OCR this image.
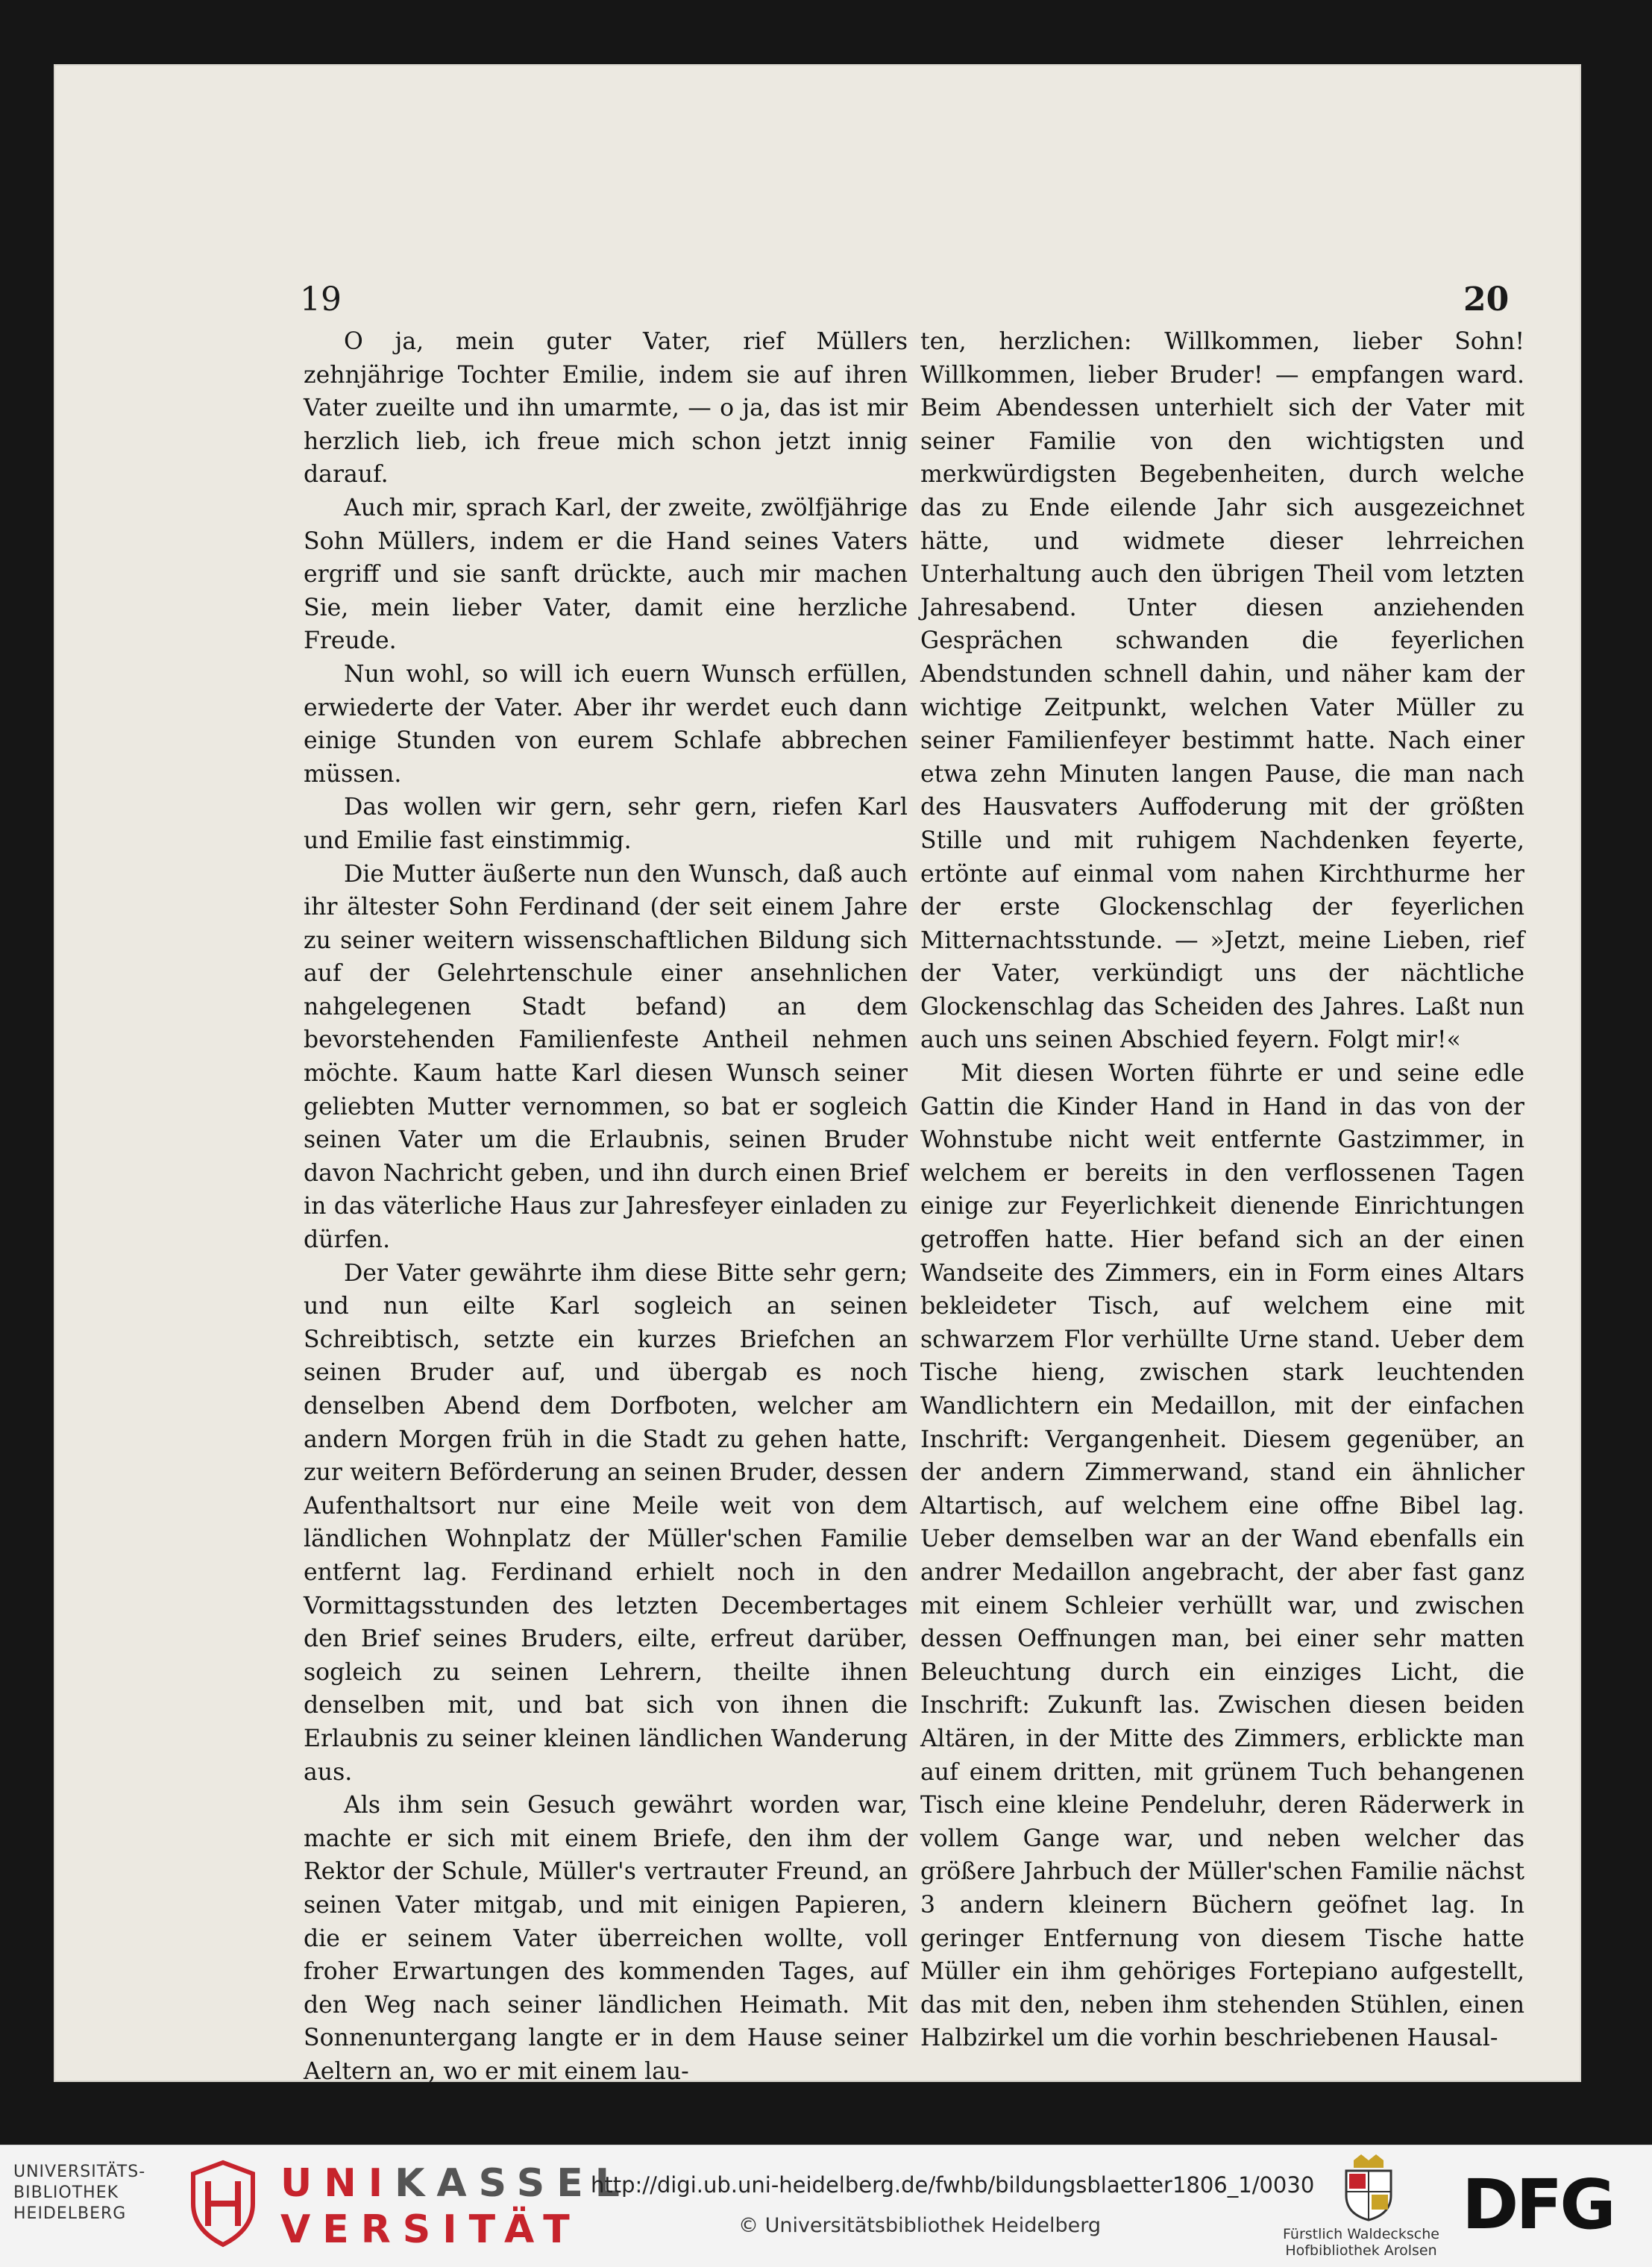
19	20

O ja, mein guter Vater, rief Müllers zehnjährige Tochter Emilie, indem sie auf ihren Vater zueilte und ihn umarmte, — o ja, das ist mir herzlich lieb, ich freue mich schon jetzt innig darauf.

Auch mir, sprach Karl, der zweite, zwölfjährige Sohn Müllers, indem er die Hand seines Vaters ergriff und sie sanft drückte, auch mir machen Sie, mein lieber Vater, damit eine herzliche Freude.

Nun wohl, so will ich euern Wunsch erfüllen, erwiederte der Vater. Aber ihr werdet euch dann einige Stunden von eurem Schlafe abbrechen müssen.

Das wollen wir gern, sehr gern, riefen Karl und Emilie fast einstimmig.

Die Mutter äußerte nun den Wunsch, daß auch ihr ältester Sohn Ferdinand (der seit einem Jahre zu seiner weitern wissenschaftlichen Bildung sich auf der Gelehrtenschule einer ansehnlichen nahgelegenen Stadt befand) an dem bevorstehenden Familienfeste Antheil nehmen möchte. Kaum hatte Karl diesen Wunsch seiner geliebten Mutter vernommen, so bat er sogleich seinen Vater um die Erlaubnis, seinen Bruder davon Nachricht geben, und ihn durch einen Brief in das väterliche Haus zur Jahresfeyer einladen zu dürfen.

Der Vater gewährte ihm diese Bitte sehr gern; und nun eilte Karl sogleich an seinen Schreibtisch, setzte ein kurzes Briefchen an seinen Bruder auf, und übergab es noch denselben Abend dem Dorfboten, welcher am andern Morgen früh in die Stadt zu gehen hatte, zur weitern Beförderung an seinen Bruder, dessen Aufenthaltsort nur eine Meile weit von dem ländlichen Wohnplatz der Müller'schen Familie entfernt lag. Ferdinand erhielt noch in den Vormittagsstunden des letzten Decembertages den Brief seines Bruders, eilte, erfreut darüber, sogleich zu seinen Lehrern, theilte ihnen denselben mit, und bat sich von ihnen die Erlaubnis zu seiner kleinen ländlichen Wanderung aus.

Als ihm sein Gesuch gewährt worden war, machte er sich mit einem Briefe, den ihm der Rektor der Schule, Müller's vertrauter Freund, an seinen Vater mitgab, und mit einigen Papieren, die er seinem Vater überreichen wollte, voll froher Erwartungen des kommenden Tages, auf den Weg nach seiner ländlichen Heimath. Mit Sonnenuntergang langte er in dem Hause seiner Aeltern an, wo er mit einem lau-

ten, herzlichen: Willkommen, lieber Sohn! Willkommen, lieber Bruder! — empfangen ward. Beim Abendessen unterhielt sich der Vater mit seiner Familie von den wichtigsten und merkwürdigsten Begebenheiten, durch welche das zu Ende eilende Jahr sich ausgezeichnet hätte, und widmete dieser lehrreichen Unterhaltung auch den übrigen Theil vom letzten Jahresabend. Unter diesen anziehenden Gesprächen schwanden die feyerlichen Abendstunden schnell dahin, und näher kam der wichtige Zeitpunkt, welchen Vater Müller zu seiner Familienfeyer bestimmt hatte. Nach einer etwa zehn Minuten langen Pause, die man nach des Hausvaters Auffoderung mit der größten Stille und mit ruhigem Nachdenken feyerte, ertönte auf einmal vom nahen Kirchthurme her der erste Glockenschlag der feyerlichen Mitternachtsstunde. — »Jetzt, meine Lieben, rief der Vater, verkündigt uns der nächtliche Glockenschlag das Scheiden des Jahres. Laßt nun auch uns seinen Abschied feyern. Folgt mir!«

Mit diesen Worten führte er und seine edle Gattin die Kinder Hand in Hand in das von der Wohnstube nicht weit entfernte Gastzimmer, in welchem er bereits in den verflossenen Tagen einige zur Feyerlichkeit dienende Einrichtungen getroffen hatte. Hier befand sich an der einen Wandseite des Zimmers, ein in Form eines Altars bekleideter Tisch, auf welchem eine mit schwarzem Flor verhüllte Urne stand. Ueber dem Tische hieng, zwischen stark leuchtenden Wandlichtern ein Medaillon, mit der einfachen Inschrift: Vergangenheit. Diesem gegenüber, an der andern Zimmerwand, stand ein ähnlicher Altartisch, auf welchem eine offne Bibel lag. Ueber demselben war an der Wand ebenfalls ein andrer Medaillon angebracht, der aber fast ganz mit einem Schleier verhüllt war, und zwischen dessen Oeffnungen man, bei einer sehr matten Beleuchtung durch ein einziges Licht, die Inschrift: Zukunft las. Zwischen diesen beiden Altären, in der Mitte des Zimmers, erblickte man auf einem dritten, mit grünem Tuch behangenen Tisch eine kleine Pendeluhr, deren Räderwerk in vollem Gange war, und neben welcher das größere Jahrbuch der Müller'schen Familie nächst 3 andern kleinern Büchern geöfnet lag. In geringer Entfernung von diesem Tische hatte Müller ein ihm gehöriges Fortepiano aufgestellt, das mit den, neben ihm stehenden Stühlen, einen Halbzirkel um die vorhin beschriebenen Hausal-

UNIVERSITÄTS-
BIBLIOTHEK
HEIDELBERG
UNIKASSEL
VERSITÄT
http://digi.ub.uni-heidelberg.de/fwhb/bildungsblaetter1806_1/0030
© Universitätsbibliothek Heidelberg	Fürstlich Waldecksche
Hofbibliothek Arolsen
DFG
